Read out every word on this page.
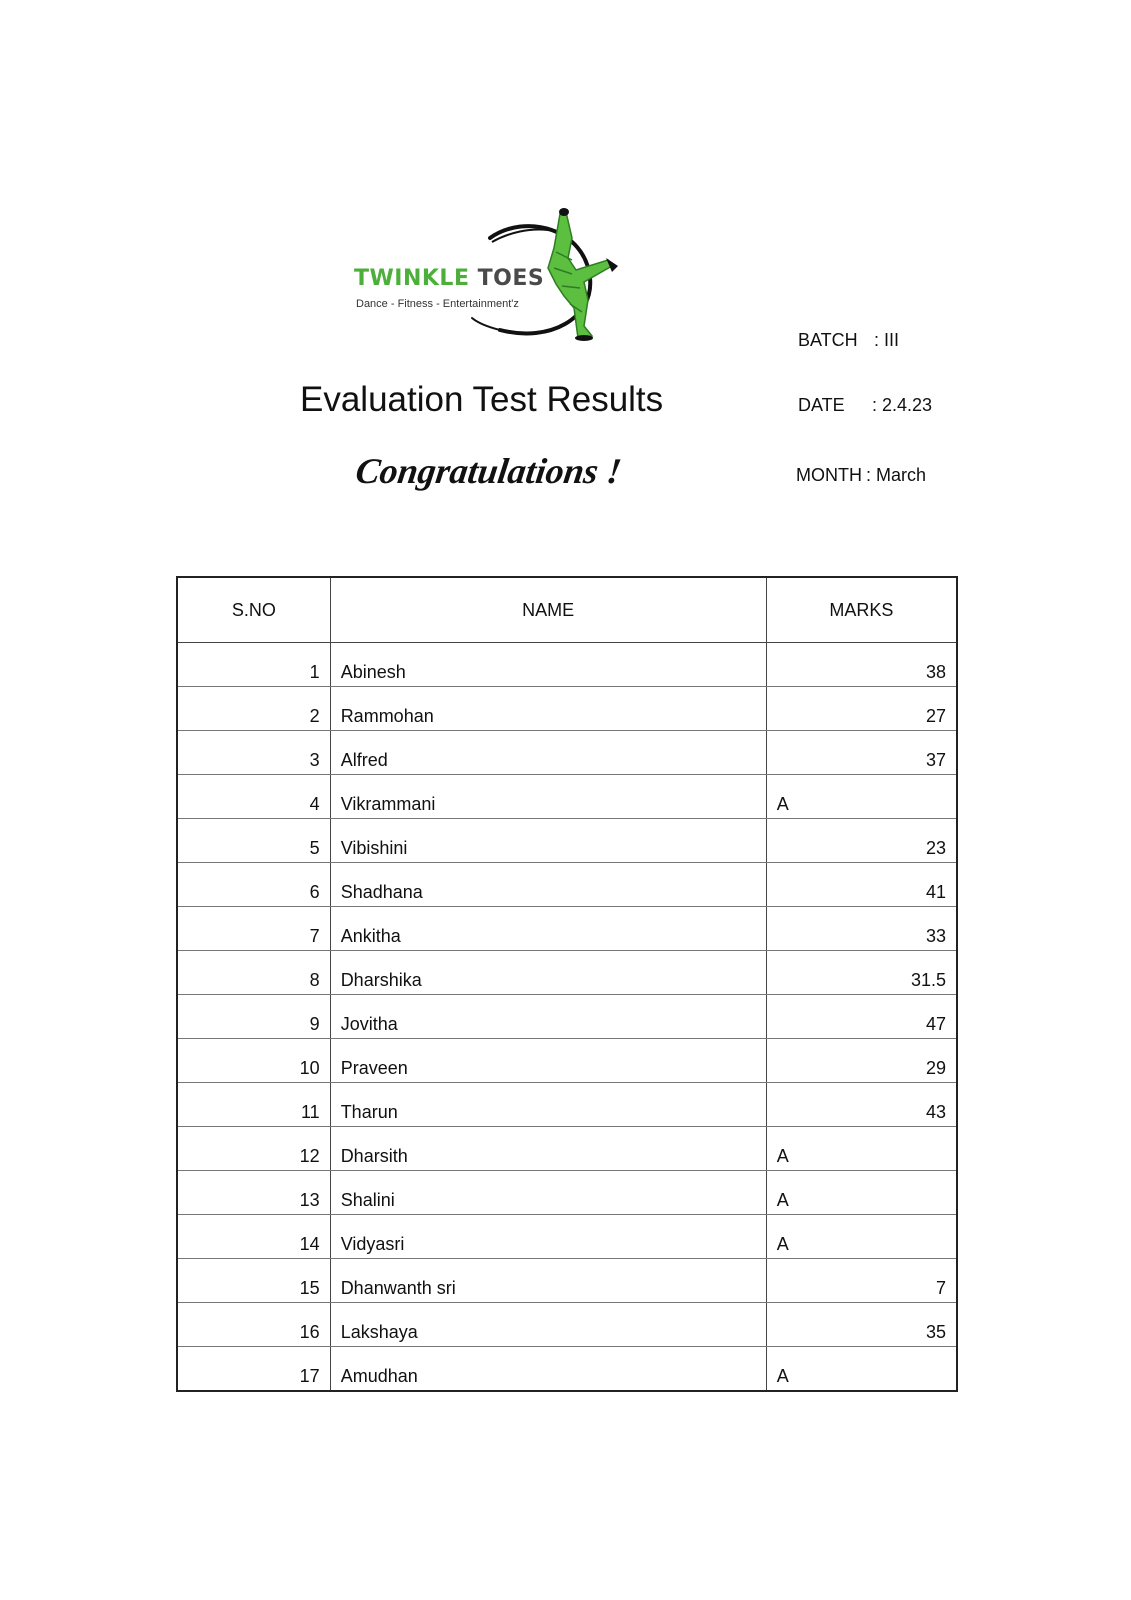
TWINKLE TOES
Dance - Fitness - Entertainment'z
BATCH : III
DATE : 2.4.23
MONTH : March
Evaluation Test Results
Congratulations !
S.NO	NAME	MARKS
1	Abinesh	38
2	Rammohan	27
3	Alfred	37
4	Vikrammani	A
5	Vibishini	23
6	Shadhana	41
7	Ankitha	33
8	Dharshika	31.5
9	Jovitha	47
10	Praveen	29
11	Tharun	43
12	Dharsith	A
13	Shalini	A
14	Vidyasri	A
15	Dhanwanth sri	7
16	Lakshaya	35
17	Amudhan	A
